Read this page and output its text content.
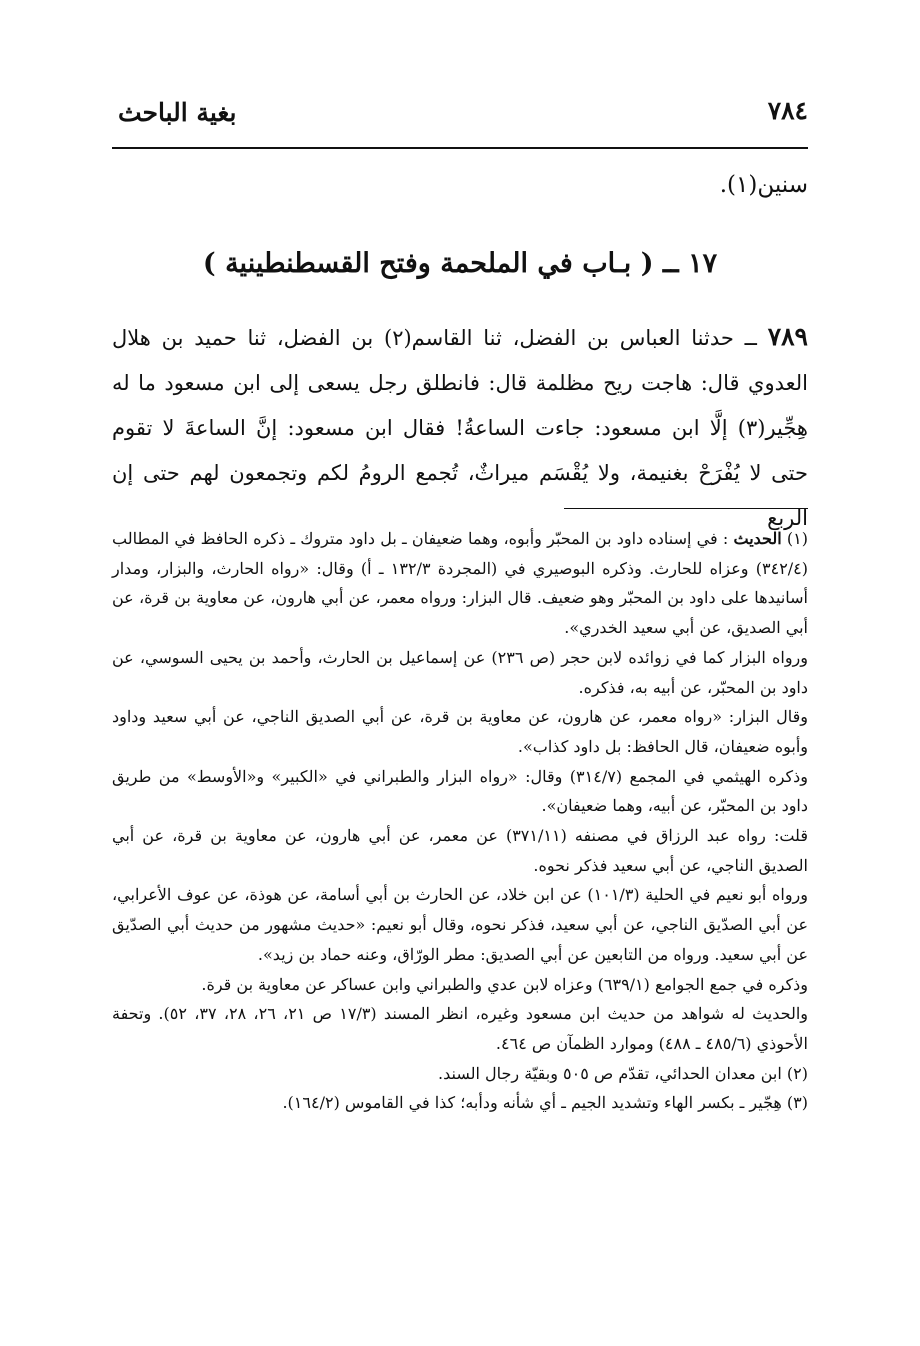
بغية الباحث	٧٨٤
سنين(١).
١٧ ــ ( بـاب في الملحمة وفتح القسطنطينية )
٧٨٩ ــ حدثنا العباس بن الفضل، ثنا القاسم(٢) بن الفضل، ثنا حميد بن هلال العدوي قال: هاجت ريح مظلمة قال: فانطلق رجل يسعى إلى ابن مسعود ما له هِجِّير(٣) إلَّا ابن مسعود: جاءت الساعةُ! فقال ابن مسعود: إنَّ الساعةَ لا تقوم حتى لا يُفْرَحْ بغنيمة، ولا يُقْسَم ميراثٌ، تُجمع الرومُ لكم وتجمعون لهم حتى إن الربع

(١) الحديث : في إسناده داود بن المحبّر وأبوه، وهما ضعيفان ـ بل داود متروك ـ ذكره الحافظ في المطالب (٣٤٢/٤) وعزاه للحارث. وذكره البوصيري في (المجردة ١٣٢/٣ ـ أ) وقال: «رواه الحارث، والبزار، ومدار أسانيدها على داود بن المحبّر وهو ضعيف. قال البزار: ورواه معمر، عن أبي هارون، عن معاوية بن قرة، عن أبي الصديق، عن أبي سعيد الخدري».

ورواه البزار كما في زوائده لابن حجر (ص ٢٣٦) عن إسماعيل بن الحارث، وأحمد بن يحيى السوسي، عن داود بن المحبّر، عن أبيه به، فذكره.

وقال البزار: «رواه معمر، عن هارون، عن معاوية بن قرة، عن أبي الصديق الناجي، عن أبي سعيد وداود وأبوه ضعيفان، قال الحافظ: بل داود كذاب».

وذكره الهيثمي في المجمع (٣١٤/٧) وقال: «رواه البزار والطبراني في «الكبير» و«الأوسط» من طريق داود بن المحبّر، عن أبيه، وهما ضعيفان».

قلت: رواه عبد الرزاق في مصنفه (٣٧١/١١) عن معمر، عن أبي هارون، عن معاوية بن قرة، عن أبي الصديق الناجي، عن أبي سعيد فذكر نحوه.

ورواه أبو نعيم في الحلية (١٠١/٣) عن ابن خلاد، عن الحارث بن أبي أسامة، عن هوذة، عن عوف الأعرابي، عن أبي الصدّيق الناجي، عن أبي سعيد، فذكر نحوه، وقال أبو نعيم: «حديث مشهور من حديث أبي الصدّيق عن أبي سعيد. ورواه من التابعين عن أبي الصديق: مطر الورّاق، وعنه حماد بن زيد».

وذكره في جمع الجوامع (٦٣٩/١) وعزاه لابن عدي والطبراني وابن عساكر عن معاوية بن قرة.

والحديث له شواهد من حديث ابن مسعود وغيره، انظر المسند (١٧/٣ ص ٢١، ٢٦، ٢٨، ٣٧، ٥٢). وتحفة الأحوذي (٤٨٥/٦ ـ ٤٨٨) وموارد الظمآن ص ٤٦٤.

(٢) ابن معدان الحدائي، تقدّم ص ٥٠٥ وبقيّة رجال السند.

(٣) هِجّير ـ بكسر الهاء وتشديد الجيم ـ أي شأنه ودأبه؛ كذا في القاموس (١٦٤/٢).
